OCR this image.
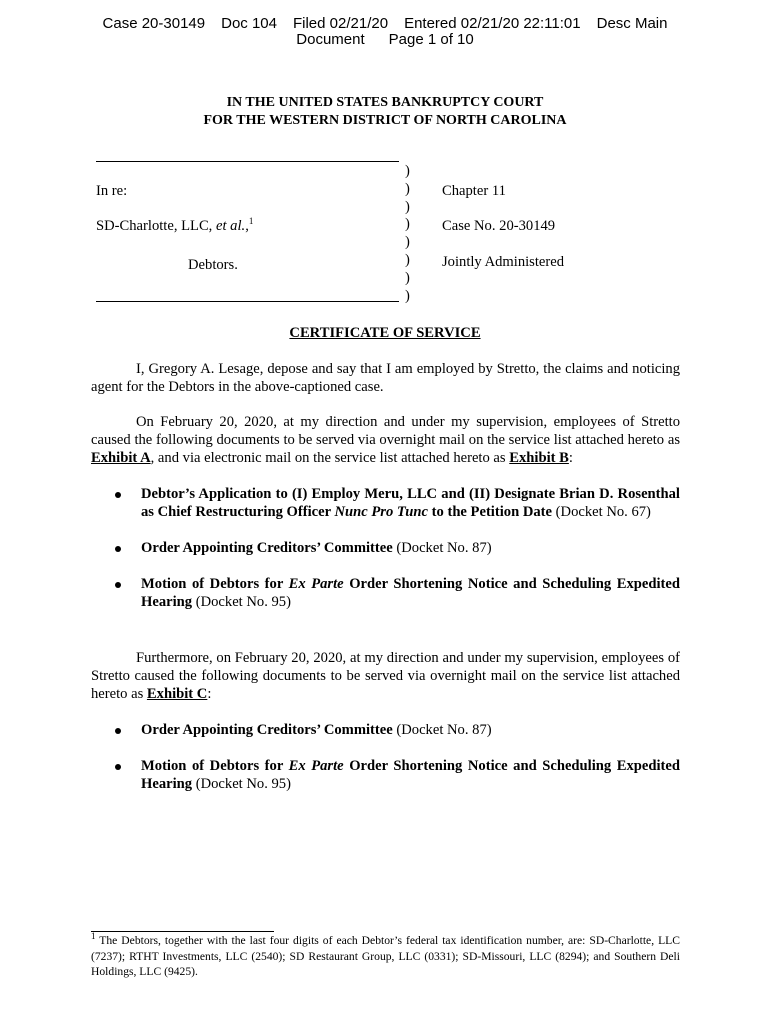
Case 20-30149 Doc 104 Filed 02/21/20 Entered 02/21/20 22:11:01 Desc Main
Document Page 1 of 10
IN THE UNITED STATES BANKRUPTCY COURT
FOR THE WESTERN DISTRICT OF NORTH CAROLINA
In re:
SD-Charlotte, LLC, et al.,$^1$
Debtors.
)
)
)
)
)
)
)
)
Chapter 11
Case No. 20-30149
Jointly Administered
CERTIFICATE OF SERVICE
I, Gregory A. Lesage, depose and say that I am employed by Stretto, the claims and noticing agent for the Debtors in the above-captioned case.
On February 20, 2020, at my direction and under my supervision, employees of Stretto caused the following documents to be served via overnight mail on the service list attached hereto as Exhibit A, and via electronic mail on the service list attached hereto as Exhibit B:
Debtor’s Application to (I) Employ Meru, LLC and (II) Designate Brian D. Rosenthal as Chief Restructuring Officer Nunc Pro Tunc to the Petition Date (Docket No. 67)
Order Appointing Creditors’ Committee (Docket No. 87)
Motion of Debtors for Ex Parte Order Shortening Notice and Scheduling Expedited Hearing (Docket No. 95)
Furthermore, on February 20, 2020, at my direction and under my supervision, employees of Stretto caused the following documents to be served via overnight mail on the service list attached hereto as Exhibit C:
Order Appointing Creditors’ Committee (Docket No. 87)
Motion of Debtors for Ex Parte Order Shortening Notice and Scheduling Expedited Hearing (Docket No. 95)
$^1$ The Debtors, together with the last four digits of each Debtor’s federal tax identification number, are: SD-Charlotte, LLC (7237); RTHT Investments, LLC (2540); SD Restaurant Group, LLC (0331); SD-Missouri, LLC (8294); and Southern Deli Holdings, LLC (9425).
